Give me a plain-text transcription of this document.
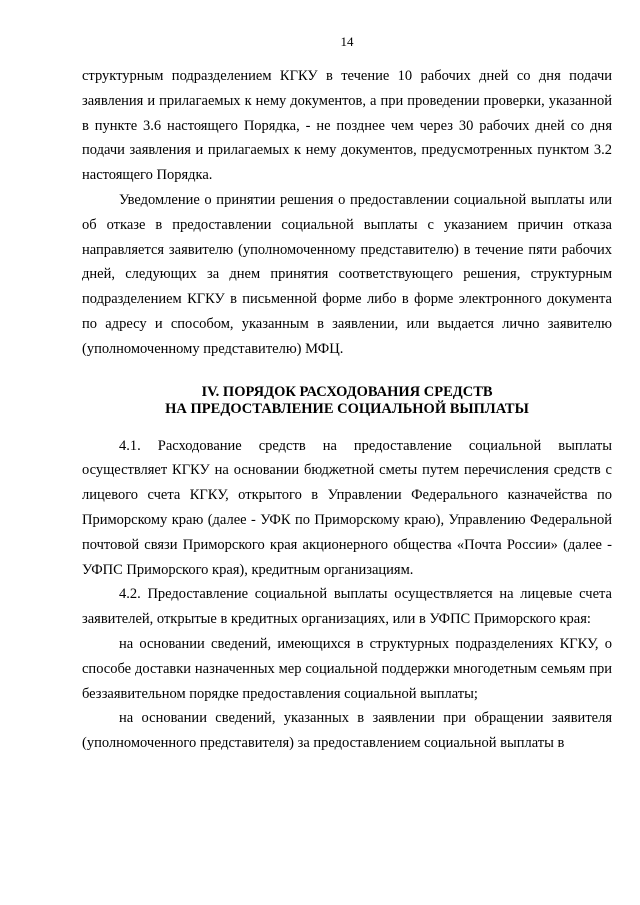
14

структурным подразделением КГКУ в течение 10 рабочих дней со дня подачи заявления и прилагаемых к нему документов, а при проведении проверки, указанной в пункте 3.6 настоящего Порядка, - не позднее чем через 30 рабочих дней со дня подачи заявления и прилагаемых к нему документов, предусмотренных пунктом 3.2 настоящего Порядка.

Уведомление о принятии решения о предоставлении социальной выплаты или об отказе в предоставлении социальной выплаты с указанием причин отказа направляется заявителю (уполномоченному представителю) в течение пяти рабочих дней, следующих за днем принятия соответствующего решения, структурным подразделением КГКУ в письменной форме либо в форме электронного документа по адресу и способом, указанным в заявлении, или выдается лично заявителю (уполномоченному представителю) МФЦ.

IV. ПОРЯДОК РАСХОДОВАНИЯ СРЕДСТВ
НА ПРЕДОСТАВЛЕНИЕ СОЦИАЛЬНОЙ ВЫПЛАТЫ

4.1. Расходование средств на предоставление социальной выплаты осуществляет КГКУ на основании бюджетной сметы путем перечисления средств с лицевого счета КГКУ, открытого в Управлении Федерального казначейства по Приморскому краю (далее - УФК по Приморскому краю), Управлению Федеральной почтовой связи Приморского края акционерного общества «Почта России» (далее - УФПС Приморского края), кредитным организациям.

4.2. Предоставление социальной выплаты осуществляется на лицевые счета заявителей, открытые в кредитных организациях, или в УФПС Приморского края:

на основании сведений, имеющихся в структурных подразделениях КГКУ, о способе доставки назначенных мер социальной поддержки многодетным семьям при беззаявительном порядке предоставления социальной выплаты;

на основании сведений, указанных в заявлении при обращении заявителя (уполномоченного представителя) за предоставлением социальной выплаты в
